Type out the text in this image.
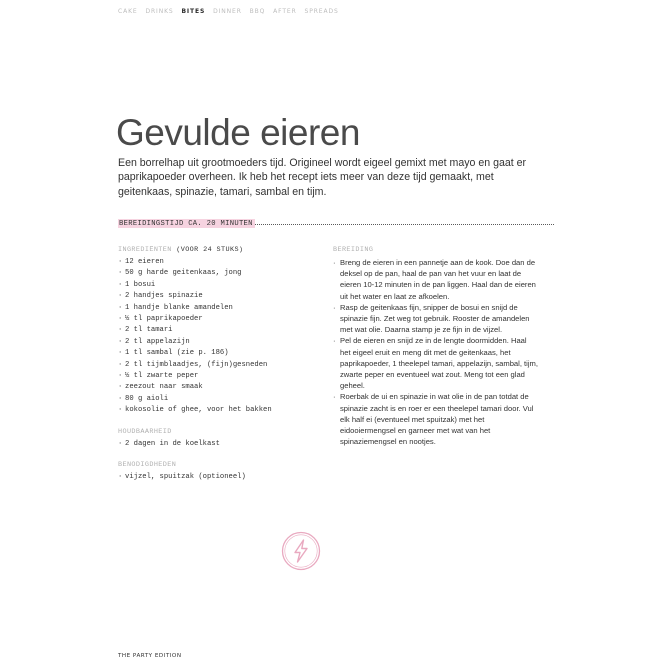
CAKE DRINKS BITES DINNER BBQ AFTER SPREADS
Gevulde eieren

Een borrelhap uit grootmoeders tijd. Origineel wordt eigeel gemixt met mayo en gaat er paprikapoeder overheen. Ik heb het recept iets meer van deze tijd gemaakt, met geitenkaas, spinazie, tamari, sambal en tijm.

BEREIDINGSTIJD CA. 20 MINUTEN
INGREDIËNTEN (VOOR 24 STUKS)
· 12 eieren
· 50 g harde geitenkaas, jong
· 1 bosui
· 2 handjes spinazie
· 1 handje blanke amandelen
· ½ tl paprikapoeder
· 2 tl tamari
· 2 tl appelazijn
· 1 tl sambal (zie p. 186)
· 2 tl tijmblaadjes, (fijn)gesneden
· ½ tl zwarte peper
· zeezout naar smaak
· 80 g aioli
· kokosolie of ghee, voor het bakken
HOUDBAARHEID
· 2 dagen in de koelkast
BENODIGDHEDEN
· vijzel, spuitzak (optioneel)
BEREIDING
· Breng de eieren in een pannetje aan de kook. Doe dan de deksel op de pan, haal de pan van het vuur en laat de eieren 10-12 minuten in de pan liggen. Haal dan de eieren uit het water en laat ze afkoelen.
· Rasp de geitenkaas fijn, snipper de bosui en snijd de spinazie fijn. Zet weg tot gebruik. Rooster de amandelen met wat olie. Daarna stamp je ze fijn in de vijzel.
· Pel de eieren en snijd ze in de lengte doormidden. Haal het eigeel eruit en meng dit met de geitenkaas, het paprikapoeder, 1 theelepel tamari, appelazijn, sambal, tijm, zwarte peper en eventueel wat zout. Meng tot een glad geheel.
· Roerbak de ui en spinazie in wat olie in de pan totdat de spinazie zacht is en roer er een theelepel tamari door. Vul elk half ei (eventueel met spuitzak) met het eidooiermengsel en garneer met wat van het spinaziemengsel en nootjes.
THE PARTY EDITION
